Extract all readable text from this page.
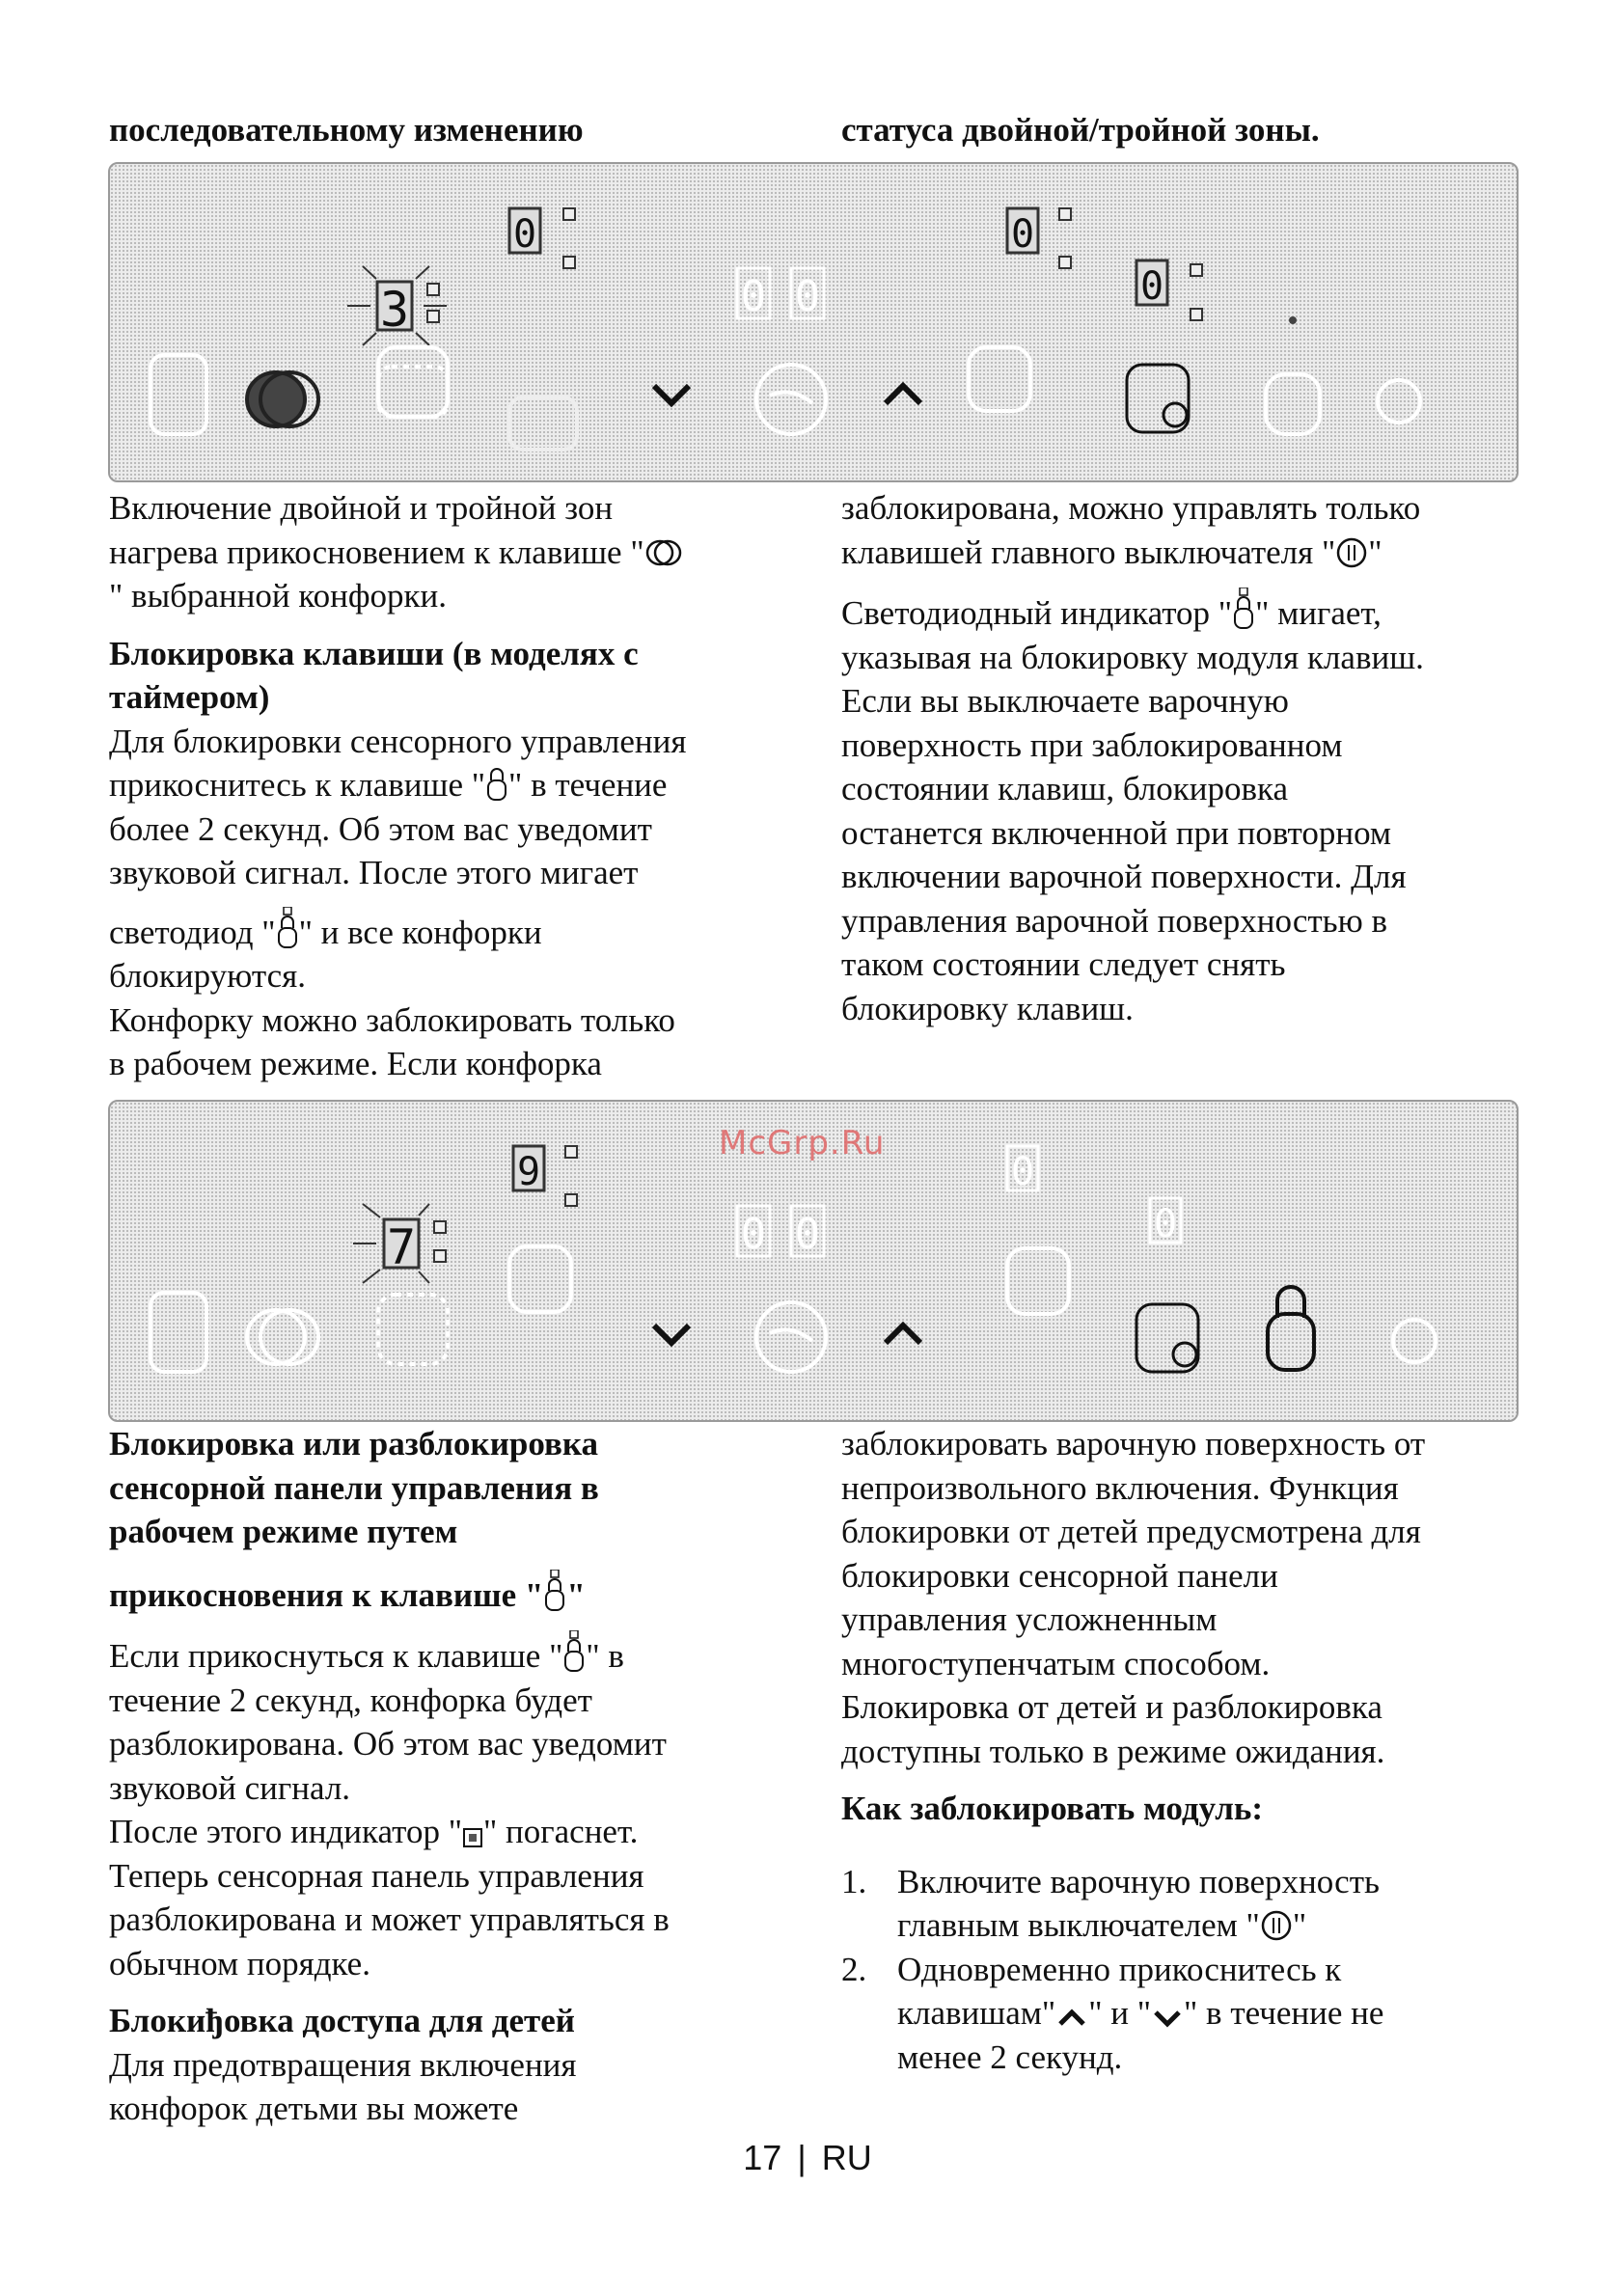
последовательному изменению	статуса двойной/тройной зоны.
3
0
0 0
0
0

Включение двойной и тройной зон

нагрева прикосновением к клавише "

" выбранной конфорки.

Блокировка клавиши (в моделях с

таймером)

Для блокировки сенсорного управления

прикоснитесь к клавише " " в течение

более 2 секунд. Об этом вас уведомит

звуковой сигнал. После этого мигает

светодиод " " и все конфорки

блокируются.

Конфорку можно заблокировать только

в рабочем режиме. Если конфорка

заблокирована, можно управлять только

клавишей главного выключателя " "

Светодиодный индикатор " " мигает,

указывая на блокировку модуля клавиш.

Если вы выключаете варочную

поверхность при заблокированном

состоянии клавиш, блокировка

останется включенной при повторном

включении варочной поверхности. Для

управления варочной поверхностью в

таком состоянии следует снять

блокировку клавиш.

7
9
0 0
0
0
McGrp.Ru

Блокировка или разблокировка

сенсорной панели управления в

рабочем режиме путем

прикосновения к клавише " "

Если прикоснуться к клавише " " в

течение 2 секунд, конфорка будет

разблокирована. Об этом вас уведомит

звуковой сигнал.

После этого индикатор " " погаснет.

Теперь сенсорная панель управления

разблокирована и может управляться в

обычном порядке.

Блокиђовка доступа для детей

Для предотвращения включения

конфорок детьми вы можете

заблокировать варочную поверхность от

непроизвольного включения. Функция

блокировки от детей предусмотрена для

блокировки сенсорной панели

управления усложненным

многоступенчатым способом.

Блокировка от детей и разблокировка

доступны только в режиме ожидания.

Как заблокировать модуль:

1. Включите варочную поверхность
главным выключателем " "
2. Одновременно прикоснитесь к
клавишам" " и " " в течение не
менее 2 секунд.
17 | RU
